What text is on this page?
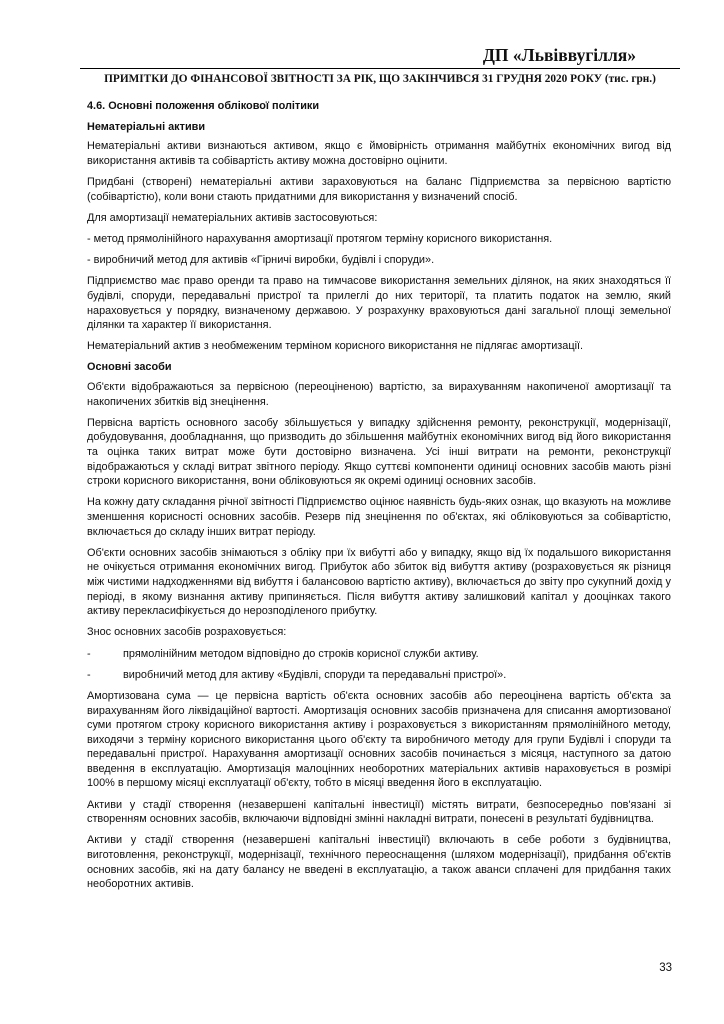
ДП «Львіввугілля»
ПРИМІТКИ ДО ФІНАНСОВОЇ ЗВІТНОСТІ ЗА РІК, ЩО ЗАКІНЧИВСЯ 31 ГРУДНЯ 2020 РОКУ (тис. грн.)

4.6. Основні положення облікової політики

Нематеріальні активи

Нематеріальні активи визнаються активом, якщо є ймовірність отримання майбутніх економічних вигод від використання активів та собівартість активу можна достовірно оцінити.

Придбані (створені) нематеріальні активи зараховуються на баланс Підприємства за первісною вартістю (собівартістю), коли вони стають придатними для використання у визначений спосіб.

Для амортизації нематеріальних активів застосовуються:

- метод прямолінійного нарахування амортизації протягом терміну корисного використання.

- виробничий метод для активів «Гірничі виробки, будівлі і споруди».

Підприємство має право оренди та право на тимчасове використання земельних ділянок, на яких знаходяться її будівлі, споруди, передавальні пристрої та прилеглі до них території, та платить податок на землю, який нараховується у порядку, визначеному державою. У розрахунку враховуються дані загальної площі земельної ділянки та характер її використання.

Нематеріальний актив з необмеженим терміном корисного використання не підлягає амортизації.

Основні засоби

Об'єкти відображаються за первісною (переоціненою) вартістю, за вирахуванням накопиченої амортизації та накопичених збитків від знецінення.

Первісна вартість основного засобу збільшується у випадку здійснення ремонту, реконструкції, модернізації, добудовування, дообладнання, що призводить до збільшення майбутніх економічних вигод від його використання та оцінка таких витрат може бути достовірно визначена. Усі інші витрати на ремонти, реконструкції відображаються у складі витрат звітного періоду. Якщо суттєві компоненти одиниці основних засобів мають різні строки корисного використання, вони обліковуються як окремі одиниці основних засобів.

На кожну дату складання річної звітності Підприємство оцінює наявність будь-яких ознак, що вказують на можливе зменшення корисності основних засобів. Резерв під знецінення по об'єктах, які обліковуються за собівартістю, включається до складу інших витрат періоду.

Об'єкти основних засобів знімаються з обліку при їх вибутті або у випадку, якщо від їх подальшого використання не очікується отримання економічних вигод. Прибуток або збиток від вибуття активу (розраховується як різниця між чистими надходженнями від вибуття і балансовою вартістю активу), включається до звіту про сукупний дохід у періоді, в якому визнання активу припиняється. Після вибуття активу залишковий капітал у дооцінках такого активу перекласифікується до нерозподіленого прибутку.

Знос основних засобів розраховується:

-	прямолінійним методом відповідно до строків корисної служби активу.
-	виробничий метод для активу «Будівлі, споруди та передавальні пристрої».

Амортизована сума — це первісна вартість об'єкта основних засобів або переоцінена вартість об'єкта за вирахуванням його ліквідаційної вартості. Амортизація основних засобів призначена для списання амортизованої суми протягом строку корисного використання активу і розраховується з використанням прямолінійного методу, виходячи з терміну корисного використання цього об'єкту та виробничого методу для групи Будівлі і споруди та передавальні пристрої. Нарахування амортизації основних засобів починається з місяця, наступного за датою введення в експлуатацію. Амортизація малоцінних необоротних матеріальних активів нараховується в розмірі 100% в першому місяці експлуатації об'єкту, тобто в місяці введення його в експлуатацію.

Активи у стадії створення (незавершені капітальні інвестиції) містять витрати, безпосередньо пов'язані зі створенням основних засобів, включаючи відповідні змінні накладні витрати, понесені в результаті будівництва.

Активи у стадії створення (незавершені капітальні інвестиції) включають в себе роботи з будівництва, виготовлення, реконструкції, модернізації, технічного переоснащення (шляхом модернізації), придбання об'єктів основних засобів, які на дату балансу не введені в експлуатацію, а також аванси сплачені для придбання таких необоротних активів.

33
